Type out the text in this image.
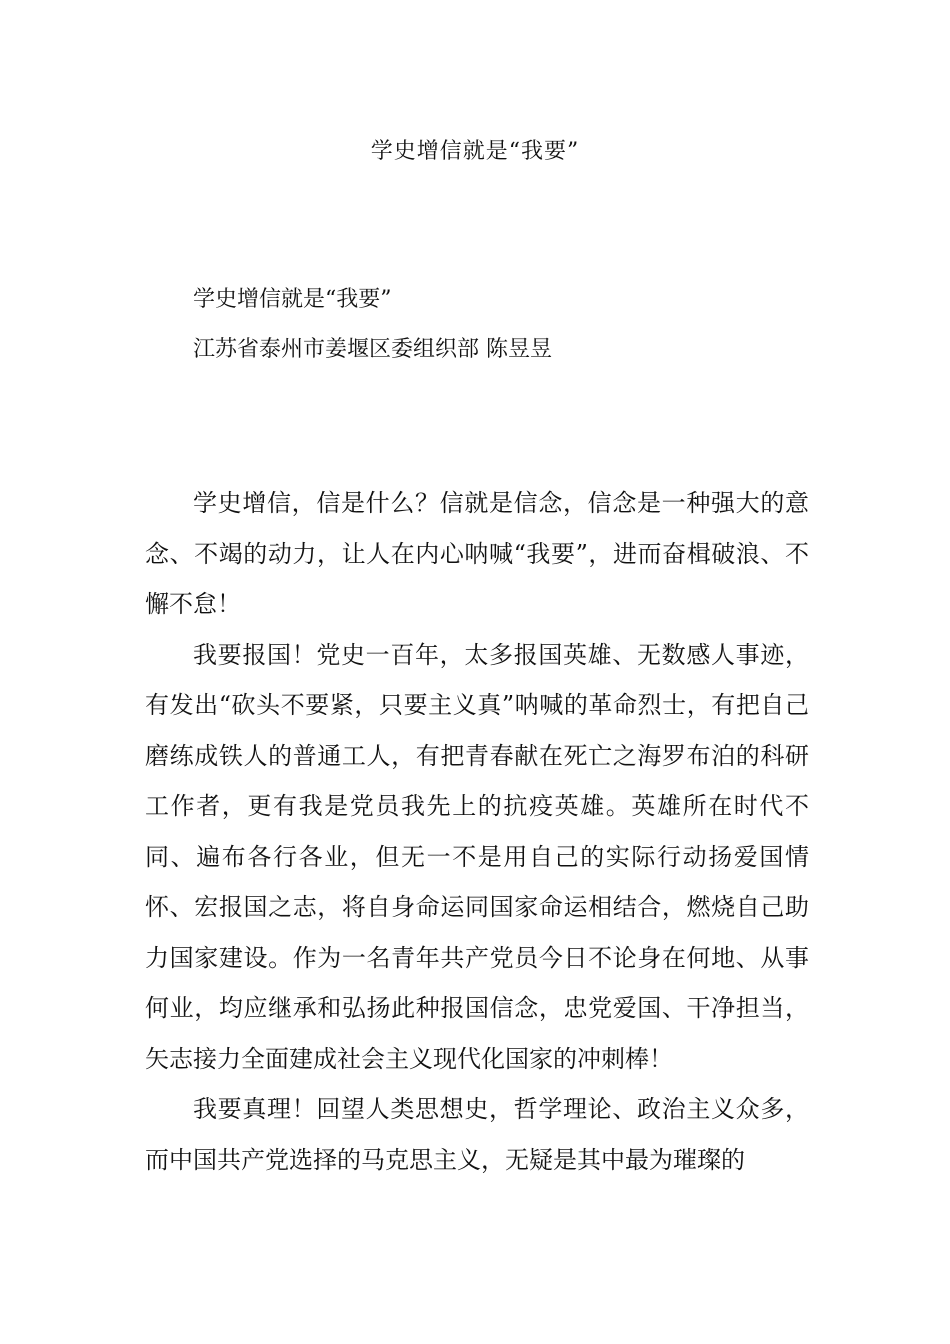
学史增信就是“我要”
学史增信就是“我要”
江苏省泰州市姜堰区委组织部 陈昱昱

学史增信，信是什么？信就是信念，信念是一种强大的意念、不竭的动力，让人在内心呐喊“我要”，进而奋楫破浪、不懈不怠！

我要报国！党史一百年，太多报国英雄、无数感人事迹，有发出“砍头不要紧，只要主义真”呐喊的革命烈士，有把自己磨练成铁人的普通工人，有把青春献在死亡之海罗布泊的科研工作者，更有我是党员我先上的抗疫英雄。英雄所在时代不同、遍布各行各业，但无一不是用自己的实际行动扬爱国情怀、宏报国之志，将自身命运同国家命运相结合，燃烧自己助力国家建设。作为一名青年共产党员今日不论身在何地、从事何业，均应继承和弘扬此种报国信念，忠党爱国、干净担当，矢志接力全面建成社会主义现代化国家的冲刺棒！

我要真理！回望人类思想史，哲学理论、政治主义众多，而中国共产党选择的马克思主义，无疑是其中最为璀璨的
